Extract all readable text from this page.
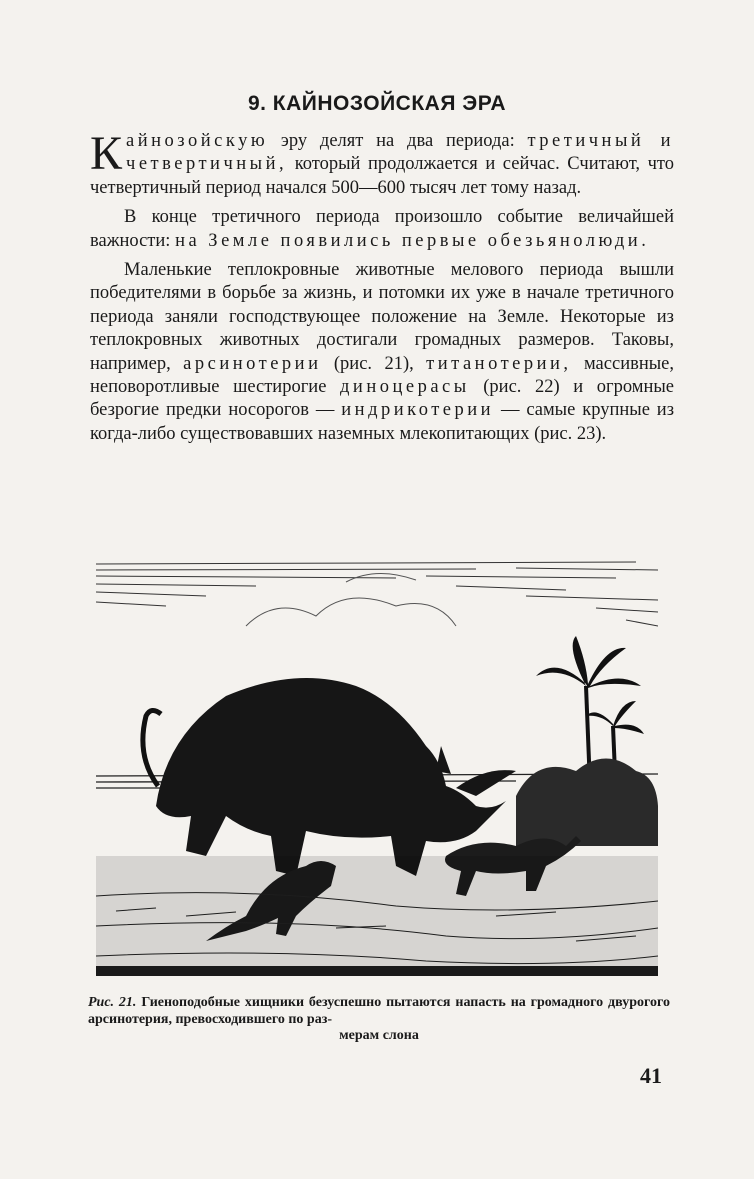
9. КАЙНОЗОЙСКАЯ ЭРА

Кайнозойскую эру делят на два периода: третичный и четвертичный, который продолжается и сейчас. Считают, что четвертичный период начался 500—600 тысяч лет тому назад.

В конце третичного периода произошло событие величайшей важности: на Земле появились первые обезьянолюди.

Маленькие теплокровные животные мелового периода вышли победителями в борьбе за жизнь, и потомки их уже в начале третичного периода заняли господствующее положение на Земле. Некоторые из теплокровных животных достигали громадных размеров. Таковы, например, арсинотерии (рис. 21), титанотерии, массивные, неповоротливые шестирогие диноцерасы (рис. 22) и огромные безрогие предки носорогов — индрикотерии — самые крупные из когда-либо существовавших наземных млекопитающих (рис. 23).

Рис. 21. Гиеноподобные хищники безуспешно пытаются напасть на громадного двурогого арсинотерия, превосходившего по раз-
мерам слона
41
